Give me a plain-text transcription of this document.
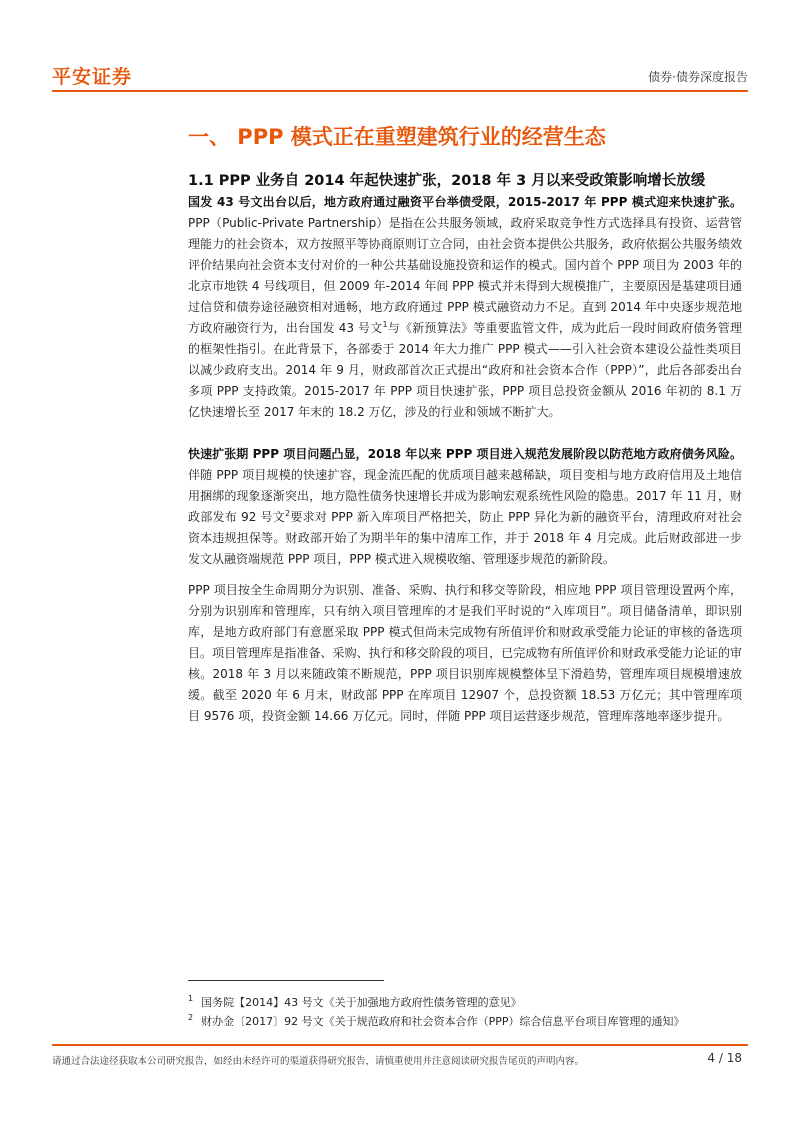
平安证券	债券·债券深度报告
一、 PPP 模式正在重塑建筑行业的经营生态
1.1 PPP 业务自 2014 年起快速扩张，2018 年 3 月以来受政策影响增长放缓
国发 43 号文出台以后，地方政府通过融资平台举债受限，2015-2017 年 PPP 模式迎来快速扩张。PPP（Public-Private Partnership）是指在公共服务领域，政府采取竞争性方式选择具有投资、运营管理能力的社会资本，双方按照平等协商原则订立合同，由社会资本提供公共服务，政府依据公共服务绩效评价结果向社会资本支付对价的一种公共基础设施投资和运作的模式。国内首个 PPP 项目为 2003 年的北京市地铁 4 号线项目，但 2009 年-2014 年间 PPP 模式并未得到大规模推广，主要原因是基建项目通过信贷和债券途径融资相对通畅，地方政府通过 PPP 模式融资动力不足。直到 2014 年中央逐步规范地方政府融资行为，出台国发 43 号文$^1$与《新预算法》等重要监管文件，成为此后一段时间政府债务管理的框架性指引。在此背景下，各部委于 2014 年大力推广 PPP 模式——引入社会资本建设公益性类项目以减少政府支出。2014 年 9 月，财政部首次正式提出“政府和社会资本合作（PPP）”，此后各部委出台多项 PPP 支持政策。2015-2017 年 PPP 项目快速扩张，PPP 项目总投资金额从 2016 年初的 8.1 万亿快速增长至 2017 年末的 18.2 万亿，涉及的行业和领域不断扩大。
快速扩张期 PPP 项目问题凸显，2018 年以来 PPP 项目进入规范发展阶段以防范地方政府债务风险。伴随 PPP 项目规模的快速扩容，现金流匹配的优质项目越来越稀缺，项目变相与地方政府信用及土地信用捆绑的现象逐渐突出，地方隐性债务快速增长并成为影响宏观系统性风险的隐患。2017 年 11 月，财政部发布 92 号文$^2$要求对 PPP 新入库项目严格把关，防止 PPP 异化为新的融资平台，清理政府对社会资本违规担保等。财政部开始了为期半年的集中清库工作，并于 2018 年 4 月完成。此后财政部进一步发文从融资端规范 PPP 项目，PPP 模式进入规模收缩、管理逐步规范的新阶段。
PPP 项目按全生命周期分为识别、准备、采购、执行和移交等阶段，相应地 PPP 项目管理设置两个库，分别为识别库和管理库，只有纳入项目管理库的才是我们平时说的“入库项目”。项目储备清单，即识别库，是地方政府部门有意愿采取 PPP 模式但尚未完成物有所值评价和财政承受能力论证的审核的备选项目。项目管理库是指准备、采购、执行和移交阶段的项目，已完成物有所值评价和财政承受能力论证的审核。2018 年 3 月以来随政策不断规范，PPP 项目识别库规模整体呈下滑趋势，管理库项目规模增速放缓。截至 2020 年 6 月末，财政部 PPP 在库项目 12907 个，总投资额 18.53 万亿元；其中管理库项目 9576 项，投资金额 14.66 万亿元。同时，伴随 PPP 项目运营逐步规范，管理库落地率逐步提升。
$^1$ 国务院【2014】43 号文《关于加强地方政府性债务管理的意见》
$^2$ 财办金〔2017〕92 号文《关于规范政府和社会资本合作（PPP）综合信息平台项目库管理的通知》
请通过合法途径获取本公司研究报告，如经由未经许可的渠道获得研究报告，请慎重使用并注意阅读研究报告尾页的声明内容。	4 / 18
